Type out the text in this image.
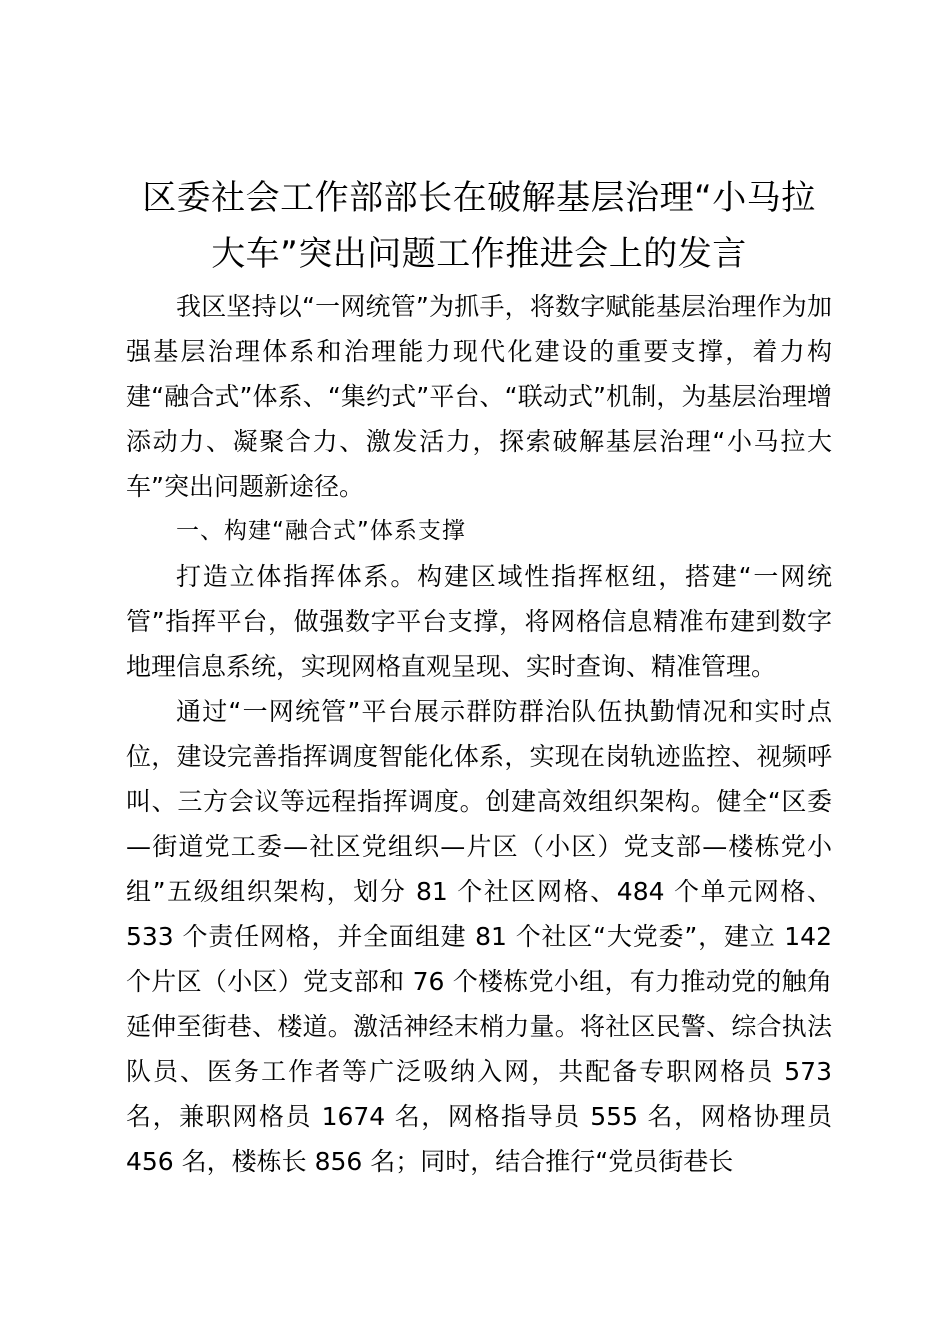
区委社会工作部部长在破解基层治理“小马拉
大车”突出问题工作推进会上的发言

我区坚持以“一网统管”为抓手，将数字赋能基层治理作为加强基层治理体系和治理能力现代化建设的重要支撑，着力构建“融合式”体系、“集约式”平台、“联动式”机制，为基层治理增添动力、凝聚合力、激发活力，探索破解基层治理“小马拉大车”突出问题新途径。

一、构建“融合式”体系支撑

打造立体指挥体系。构建区域性指挥枢纽，搭建“一网统管”指挥平台，做强数字平台支撑，将网格信息精准布建到数字地理信息系统，实现网格直观呈现、实时查询、精准管理。

通过“一网统管”平台展示群防群治队伍执勤情况和实时点位，建设完善指挥调度智能化体系，实现在岗轨迹监控、视频呼叫、三方会议等远程指挥调度。创建高效组织架构。健全“区委—街道党工委—社区党组织—片区（小区）党支部—楼栋党小组”五级组织架构，划分 81 个社区网格、484 个单元网格、533 个责任网格，并全面组建 81 个社区“大党委”，建立 142 个片区（小区）党支部和 76 个楼栋党小组，有力推动党的触角延伸至街巷、楼道。激活神经末梢力量。将社区民警、综合执法队员、医务工作者等广泛吸纳入网，共配备专职网格员 573 名，兼职网格员 1674 名，网格指导员 555 名，网格协理员 456 名，楼栋长 856 名；同时，结合推行“党员街巷长
